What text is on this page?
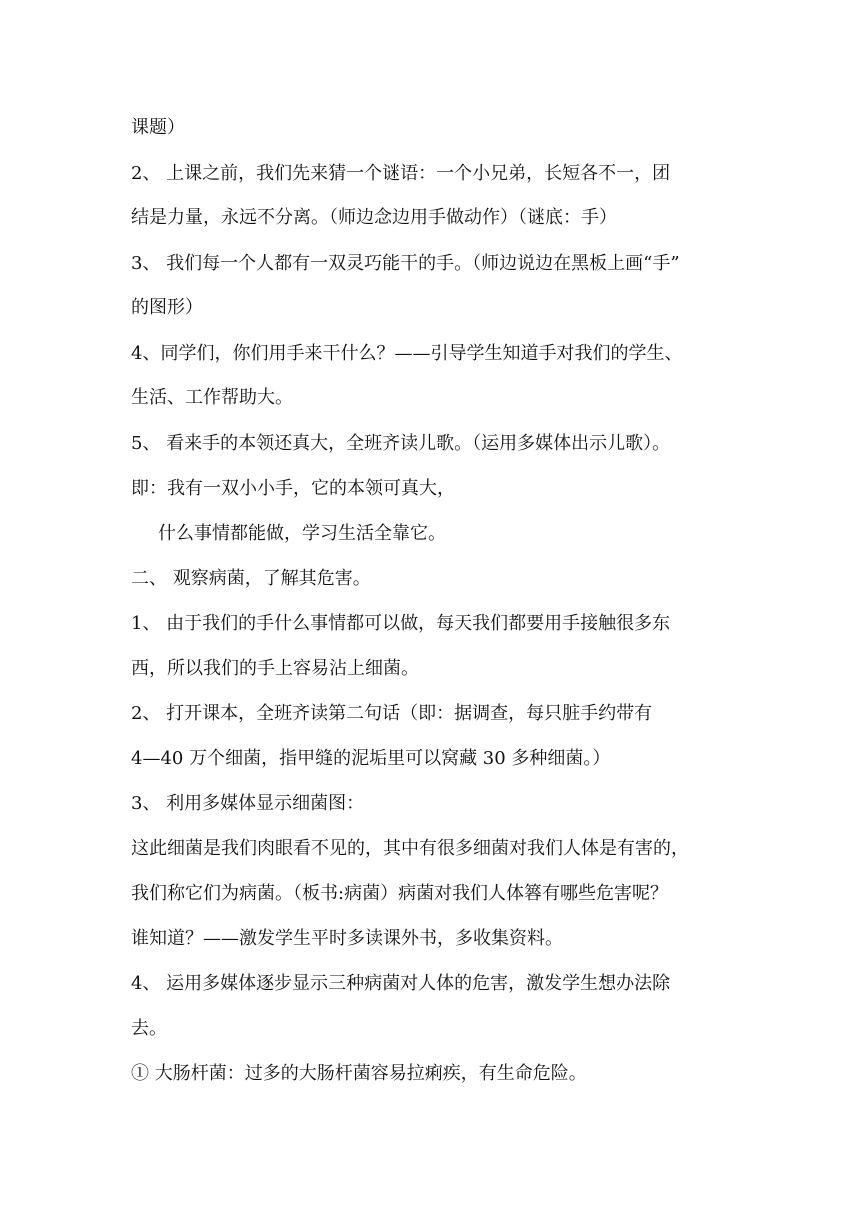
课题）
2、 上课之前，我们先来猜一个谜语：一个小兄弟，长短各不一，团
结是力量，永远不分离。（师边念边用手做动作）（谜底：手）
3、 我们每一个人都有一双灵巧能干的手。（师边说边在黑板上画“手”
的图形）
4、同学们，你们用手来干什么？——引导学生知道手对我们的学生、
生活、工作帮助大。
5、 看来手的本领还真大，全班齐读儿歌。（运用多媒体出示儿歌）。
即：我有一双小小手，它的本领可真大，
什么事情都能做，学习生活全靠它。
二、 观察病菌，了解其危害。
1、 由于我们的手什么事情都可以做，每天我们都要用手接触很多东
西，所以我们的手上容易沾上细菌。
2、 打开课本，全班齐读第二句话（即：据调查，每只脏手约带有
4—40 万个细菌，指甲缝的泥垢里可以窝藏 30 多种细菌。）
3、 利用多媒体显示细菌图：
这此细菌是我们肉眼看不见的，其中有很多细菌对我们人体是有害的，
我们称它们为病菌。（板书:病菌）病菌对我们人体簭有哪些危害呢？
谁知道？——激发学生平时多读课外书，多收集资料。
4、 运用多媒体逐步显示三种病菌对人体的危害，激发学生想办法除
去。
① 大肠杆菌：过多的大肠杆菌容易拉痢疾，有生命危险。
